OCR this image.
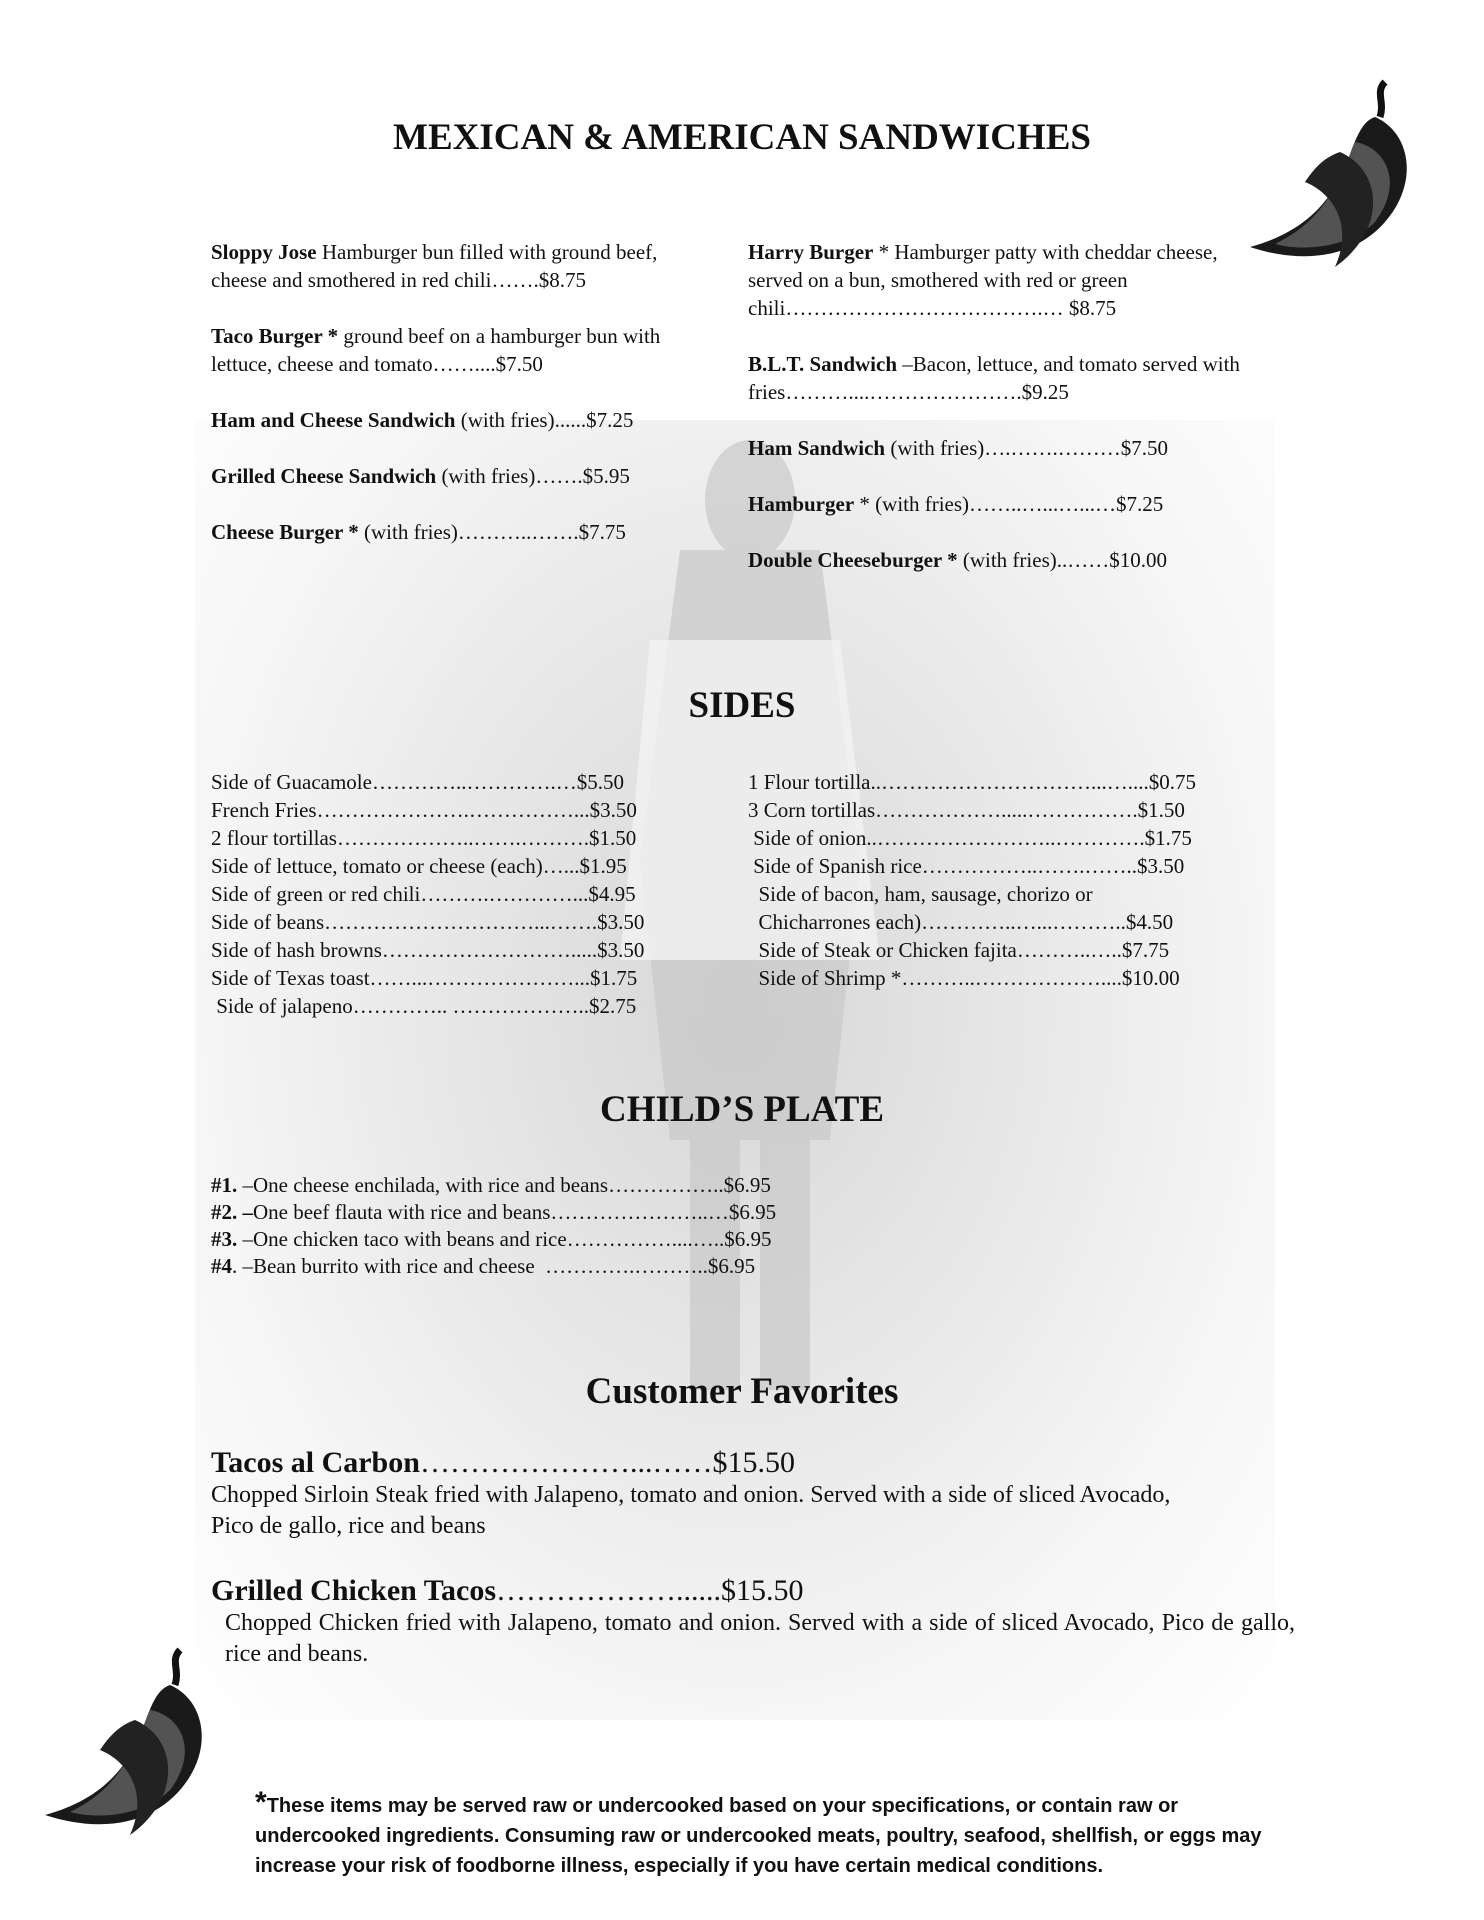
MEXICAN & AMERICAN SANDWICHES
Sloppy Jose Hamburger bun filled with ground beef, cheese and smothered in red chili…….$8.75
Taco Burger * ground beef on a hamburger bun with lettuce, cheese and tomato……....$7.50
Ham and Cheese Sandwich (with fries)......$7.25
Grilled Cheese Sandwich (with fries)…….$5.95
Cheese Burger * (with fries)………..…….$7.75
Harry Burger * Hamburger patty with cheddar cheese, served on a bun, smothered with red or green chili……………………………….… $8.75
B.L.T. Sandwich –Bacon, lettuce, and tomato served with fries………....………………….$9.25
Ham Sandwich (with fries)….…….………$7.50
Hamburger * (with fries)……..…...…...…$7.25
Double Cheeseburger * (with fries)..……$10.00
SIDES
Side of Guacamole…………..………….…$5.50
French Fries………………….……………...$3.50
2 flour tortillas………………..…….……….$1.50
Side of lettuce, tomato or cheese (each)…...$1.95
Side of green or red chili……….…………...$4.95
Side of beans…………………………...…….$3.50
Side of hash browns……………………….....$3.50
Side of Texas toast……...…………………...$1.75
Side of jalapeno………….. ………………..$2.75
1 Flour tortilla..…………………………...…....$0.75
3 Corn tortillas……………….....…………….$1.50
Side of onion..……………………..………….$1.75
Side of Spanish rice……………..…….……..$3.50
Side of bacon, ham, sausage, chorizo or
Chicharrones each)…………..…...………..$4.50
Side of Steak or Chicken fajita………..…..$7.75
Side of Shrimp *………..………………....$10.00
CHILD’S PLATE
#1. –One cheese enchilada, with rice and beans……………..$6.95
#2. –One beef flauta with rice and beans…………………..…$6.95
#3. –One chicken taco with beans and rice……………....…..$6.95
#4. –Bean burrito with rice and cheese  ………….………..$6.95
Customer Favorites
Tacos al Carbon…………………...……$15.50
Chopped Sirloin Steak fried with Jalapeno, tomato and onion. Served with a side of sliced Avocado, Pico de gallo, rice and beans
Grilled Chicken Tacos………………......$15.50
Chopped Chicken fried with Jalapeno, tomato and onion. Served with a side of sliced Avocado, Pico de gallo, rice and beans.
*These items may be served raw or undercooked based on your specifications, or contain raw or undercooked ingredients. Consuming raw or undercooked meats, poultry, seafood, shellfish, or eggs may increase your risk of foodborne illness, especially if you have certain medical conditions.
